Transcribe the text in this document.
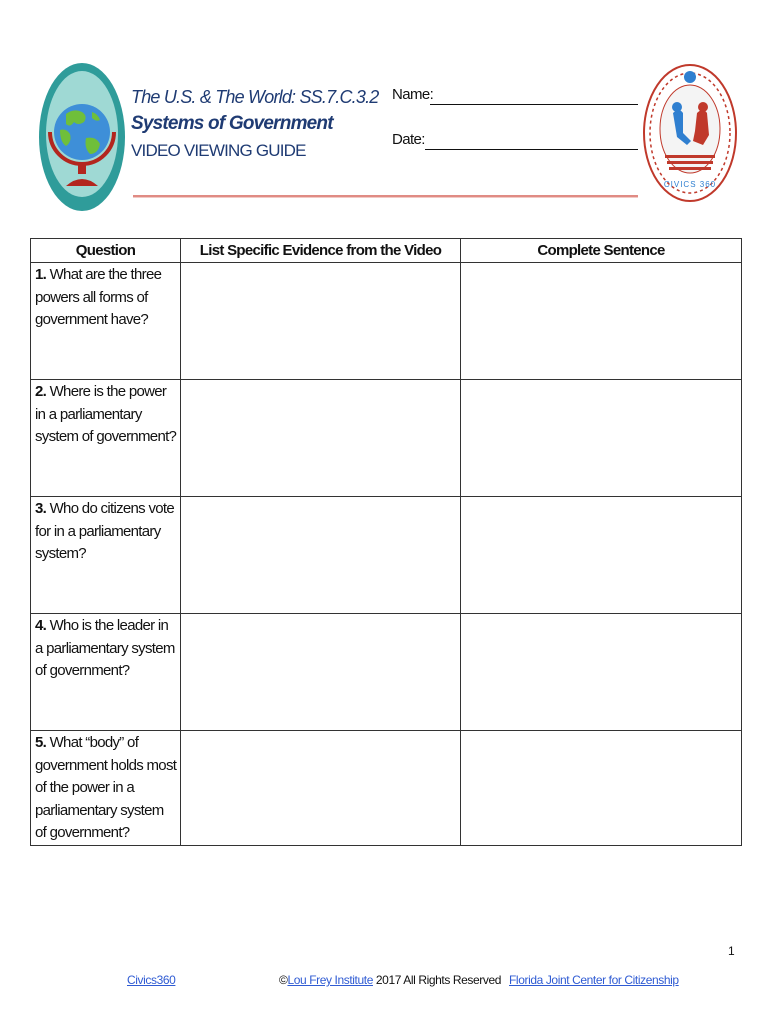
The U.S. & The World: SS.7.C.3.2
Systems of Government
VIDEO VIEWING GUIDE
Name:
Date:
CIVICS 360
Question	List Specific Evidence from the Video	Complete Sentence
1. What are the three powers all forms of government have?		
2. Where is the power in a parliamentary system of government?		
3. Who do citizens vote for in a parliamentary system?		
4. Who is the leader in a parliamentary system of government?		
5. What “body” of government holds most of the power in a parliamentary system of government?		
1
Civics360	©Lou Frey Institute 2017 All Rights Reserved Florida Joint Center for Citizenship
